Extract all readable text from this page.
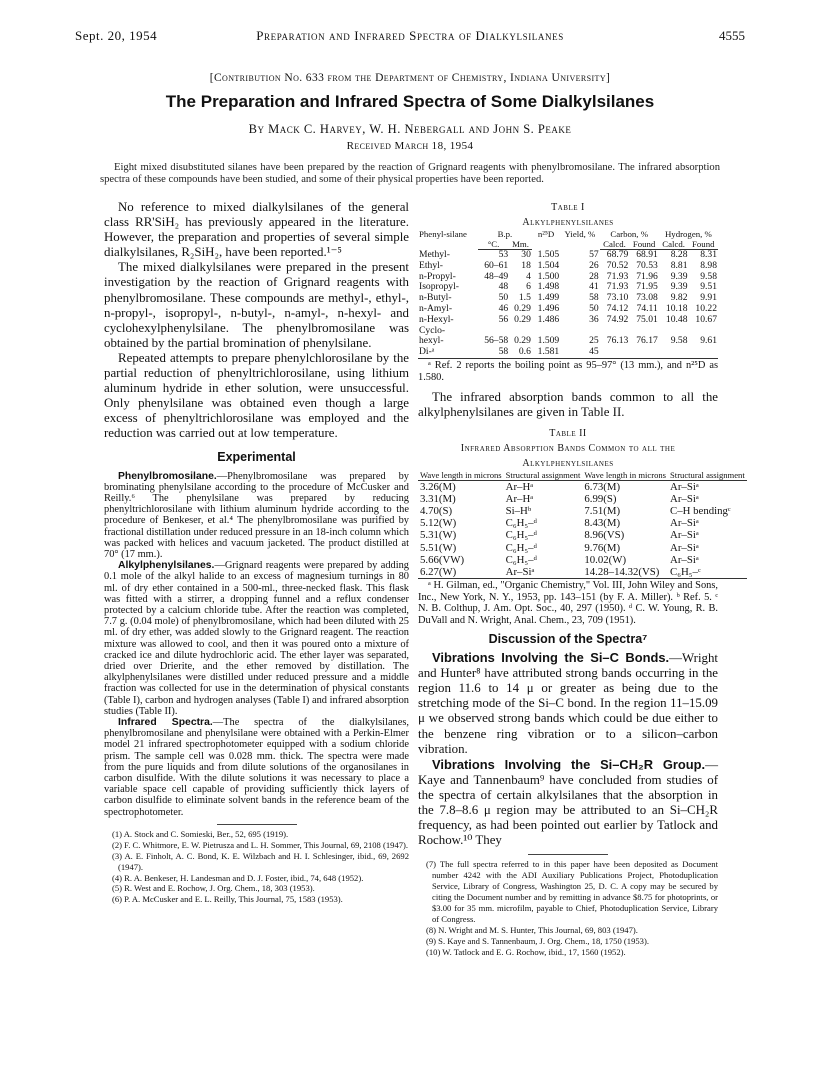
Sept. 20, 1954	Preparation and Infrared Spectra of Dialkylsilanes	4555
[Contribution No. 633 from the Department of Chemistry, Indiana University]
The Preparation and Infrared Spectra of Some Dialkylsilanes
By Mack C. Harvey, W. H. Nebergall and John S. Peake
Received March 18, 1954
Eight mixed disubstituted silanes have been prepared by the reaction of Grignard reagents with phenylbromosilane. The infrared absorption spectra of these compounds have been studied, and some of their physical properties have been reported.

No reference to mixed dialkylsilanes of the general class RR'SiH₂ has previously appeared in the literature. However, the preparation and properties of several simple dialkylsilanes, R₂SiH₂, have been reported.¹⁻⁵

The mixed dialkylsilanes were prepared in the present investigation by the reaction of Grignard reagents with phenylbromosilane. These compounds are methyl-, ethyl-, n-propyl-, isopropyl-, n-butyl-, n-amyl-, n-hexyl- and cyclohexylphenylsilane. The phenylbromosilane was obtained by the partial bromination of phenylsilane.

Repeated attempts to prepare phenylchlorosilane by the partial reduction of phenyltrichlorosilane, using lithium aluminum hydride in ether solution, were unsuccessful. Only phenylsilane was obtained even though a large excess of phenyltrichlorosilane was employed and the reduction was carried out at low temperature.

Experimental

Phenylbromosilane.—Phenylbromosilane was prepared by brominating phenylsilane according to the procedure of McCusker and Reilly.⁶ The phenylsilane was prepared by reducing phenyltrichlorosilane with lithium aluminum hydride according to the procedure of Benkeser, et al.⁴ The phenylbromosilane was purified by fractional distillation under reduced pressure in an 18-inch column which was packed with helices and vacuum jacketed. The product distilled at 70° (17 mm.).

Alkylphenylsilanes.—Grignard reagents were prepared by adding 0.1 mole of the alkyl halide to an excess of magnesium turnings in 80 ml. of dry ether contained in a 500-ml., three-necked flask. This flask was fitted with a stirrer, a dropping funnel and a reflux condenser protected by a calcium chloride tube. After the reaction was completed, 7.7 g. (0.04 mole) of phenylbromosilane, which had been diluted with 25 ml. of dry ether, was added slowly to the Grignard reagent. The reaction mixture was allowed to cool, and then it was poured onto a mixture of cracked ice and dilute hydrochloric acid. The ether layer was separated, dried over Drierite, and the ether removed by distillation. The alkylphenylsilanes were distilled under reduced pressure and a middle fraction was collected for use in the determination of physical constants (Table I), carbon and hydrogen analyses (Table I) and infrared absorption studies (Table II).

Infrared Spectra.—The spectra of the dialkylsilanes, phenylbromosilane and phenylsilane were obtained with a Perkin-Elmer model 21 infrared spectrophotometer equipped with a sodium chloride prism. The sample cell was 0.028 mm. thick. The spectra were made from the pure liquids and from dilute solutions of the organosilanes in carbon disulfide. With the dilute solutions it was necessary to place a variable space cell capable of providing sufficiently thick layers of carbon disulfide to eliminate solvent bands in the reference beam of the spectrophotometer.

(1) A. Stock and C. Somieski, Ber., 52, 695 (1919).

(2) F. C. Whitmore, E. W. Pietrusza and L. H. Sommer, This Journal, 69, 2108 (1947).

(3) A. E. Finholt, A. C. Bond, K. E. Wilzbach and H. I. Schlesinger, ibid., 69, 2692 (1947).

(4) R. A. Benkeser, H. Landesman and D. J. Foster, ibid., 74, 648 (1952).

(5) R. West and E. Rochow, J. Org. Chem., 18, 303 (1953).

(6) P. A. McCusker and E. L. Reilly, This Journal, 75, 1583 (1953).

Table I

Alkylphenylsilanes

Phenyl-silane	B.p.		n²⁵D	Yield, %	Carbon, %		Hydrogen, %	
	°C.	Mm.			Calcd.	Found	Calcd.	Found
Methyl-	53	30	1.505	57	68.79	68.91	8.28	8.31
Ethyl-	60–61	18	1.504	26	70.52	70.53	8.81	8.98
n-Propyl-	48–49	4	1.500	28	71.93	71.96	9.39	9.58
Isopropyl-	48	6	1.498	41	71.93	71.95	9.39	9.51
n-Butyl-	50	1.5	1.499	58	73.10	73.08	9.82	9.91
n-Amyl-	46	0.29	1.496	50	74.12	74.11	10.18	10.22
n-Hexyl-	56	0.29	1.486	36	74.92	75.01	10.48	10.67
Cyclo-								
hexyl-	56–58	0.29	1.509	25	76.13	76.17	9.58	9.61
Di-ᵃ	58	0.6	1.581	45				

ᵃ Ref. 2 reports the boiling point as 95–97° (13 mm.), and n²⁵D as 1.580.

The infrared absorption bands common to all the alkylphenylsilanes are given in Table II.

Table II

Infrared Absorption Bands Common to all the Alkylphenylsilanes

Wave length in microns	Structural assignment	Wave length in microns	Structural assignment
3.26(M)	Ar–Hᵃ	6.73(M)	Ar–Siᵃ
3.31(M)	Ar–Hᵃ	6.99(S)	Ar–Siᵃ
4.70(S)	Si–Hᵇ	7.51(M)	C–H bendingᶜ
5.12(W)	C₆H₅–ᵈ	8.43(M)	Ar–Siᵃ
5.31(W)	C₆H₅–ᵈ	8.96(VS)	Ar–Siᵃ
5.51(W)	C₆H₅–ᵈ	9.76(M)	Ar–Siᵃ
5.66(VW)	C₆H₅–ᵈ	10.02(W)	Ar–Siᵃ
6.27(W)	Ar–Siᵃ	14.28–14.32(VS)	C₆H₅–ᶜ

ᵃ H. Gilman, ed., "Organic Chemistry," Vol. III, John Wiley and Sons, Inc., New York, N. Y., 1953, pp. 143–151 (by F. A. Miller). ᵇ Ref. 5. ᶜ N. B. Colthup, J. Am. Opt. Soc., 40, 297 (1950). ᵈ C. W. Young, R. B. DuVall and N. Wright, Anal. Chem., 23, 709 (1951).

Discussion of the Spectra⁷

Vibrations Involving the Si–C Bonds.—Wright and Hunter⁸ have attributed strong bands occurring in the region 11.6 to 14 μ or greater as being due to the stretching mode of the Si–C bond. In the region 11–15.09 μ we observed strong bands which could be due either to the benzene ring vibration or to a silicon–carbon vibration.

Vibrations Involving the Si–CH₂R Group.—Kaye and Tannenbaum⁹ have concluded from studies of the spectra of certain alkylsilanes that the absorption in the 7.8–8.6 μ region may be attributed to an Si–CH₂R frequency, as had been pointed out earlier by Tatlock and Rochow.¹⁰ They

(7) The full spectra referred to in this paper have been deposited as Document number 4242 with the ADI Auxiliary Publications Project, Photoduplication Service, Library of Congress, Washington 25, D. C. A copy may be secured by citing the Document number and by remitting in advance $8.75 for photoprints, or $3.00 for 35 mm. microfilm, payable to Chief, Photoduplication Service, Library of Congress.

(8) N. Wright and M. S. Hunter, This Journal, 69, 803 (1947).

(9) S. Kaye and S. Tannenbaum, J. Org. Chem., 18, 1750 (1953).

(10) W. Tatlock and E. G. Rochow, ibid., 17, 1560 (1952).
